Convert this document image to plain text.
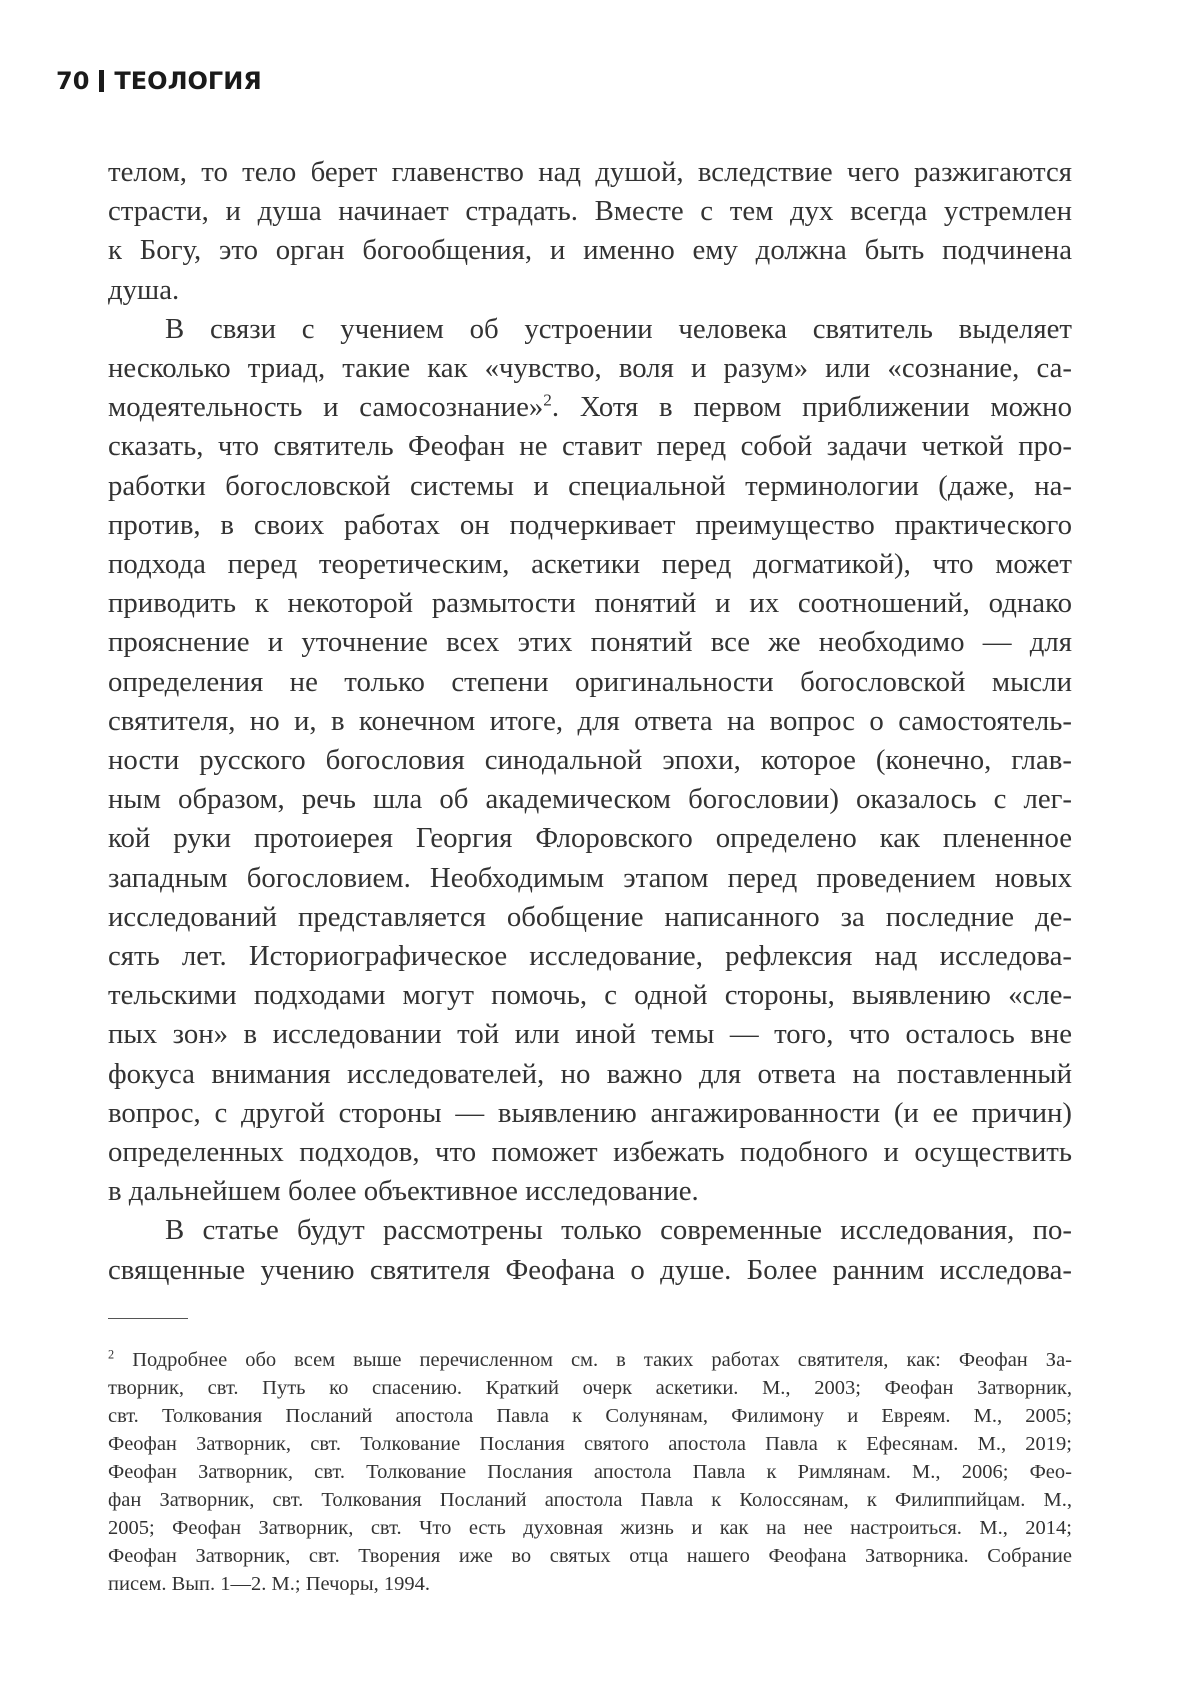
70 ТЕОЛОГИЯ
телом, то тело берет главенство над душой, вследствие чего разжигаются
страсти, и душа начинает страдать. Вместе с тем дух всегда устремлен
к Богу, это орган богообщения, и именно ему должна быть подчинена
душа.
В связи с учением об устроении человека святитель выделяет
несколько триад, такие как «чувство, воля и разум» или «сознание, са-
модеятельность и самосознание»$^2$. Хотя в первом приближении можно
сказать, что святитель Феофан не ставит перед собой задачи четкой про-
работки богословской системы и специальной терминологии (даже, на-
против, в своих работах он подчеркивает преимущество практического
подхода перед теоретическим, аскетики перед догматикой), что может
приводить к некоторой размытости понятий и их соотношений, однако
прояснение и уточнение всех этих понятий все же необходимо — для
определения не только степени оригинальности богословской мысли
святителя, но и, в конечном итоге, для ответа на вопрос о самостоятель-
ности русского богословия синодальной эпохи, которое (конечно, глав-
ным образом, речь шла об академическом богословии) оказалось с лег-
кой руки протоиерея Георгия Флоровского определено как плененное
западным богословием. Необходимым этапом перед проведением новых
исследований представляется обобщение написанного за последние де-
сять лет. Историографическое исследование, рефлексия над исследова-
тельскими подходами могут помочь, с одной стороны, выявлению «сле-
пых зон» в исследовании той или иной темы — того, что осталось вне
фокуса внимания исследователей, но важно для ответа на поставленный
вопрос, с другой стороны — выявлению ангажированности (и ее причин)
определенных подходов, что поможет избежать подобного и осуществить
в дальнейшем более объективное исследование.
В статье будут рассмотрены только современные исследования, по-
священные учению святителя Феофана о душе. Более ранним исследова-
$^2$ Подробнее обо всем выше перечисленном см. в таких работах святителя, как: Феофан За-
творник, свт. Путь ко спасению. Краткий очерк аскетики. М., 2003; Феофан Затворник,
свт. Толкования Посланий апостола Павла к Солунянам, Филимону и Евреям. М., 2005;
Феофан Затворник, свт. Толкование Послания святого апостола Павла к Ефесянам. М., 2019;
Феофан Затворник, свт. Толкование Послания апостола Павла к Римлянам. М., 2006; Фео-
фан Затворник, свт. Толкования Посланий апостола Павла к Колоссянам, к Филиппийцам. М.,
2005; Феофан Затворник, свт. Что есть духовная жизнь и как на нее настроиться. М., 2014;
Феофан Затворник, свт. Творения иже во святых отца нашего Феофана Затворника. Собрание
писем. Вып. 1—2. М.; Печоры, 1994.
